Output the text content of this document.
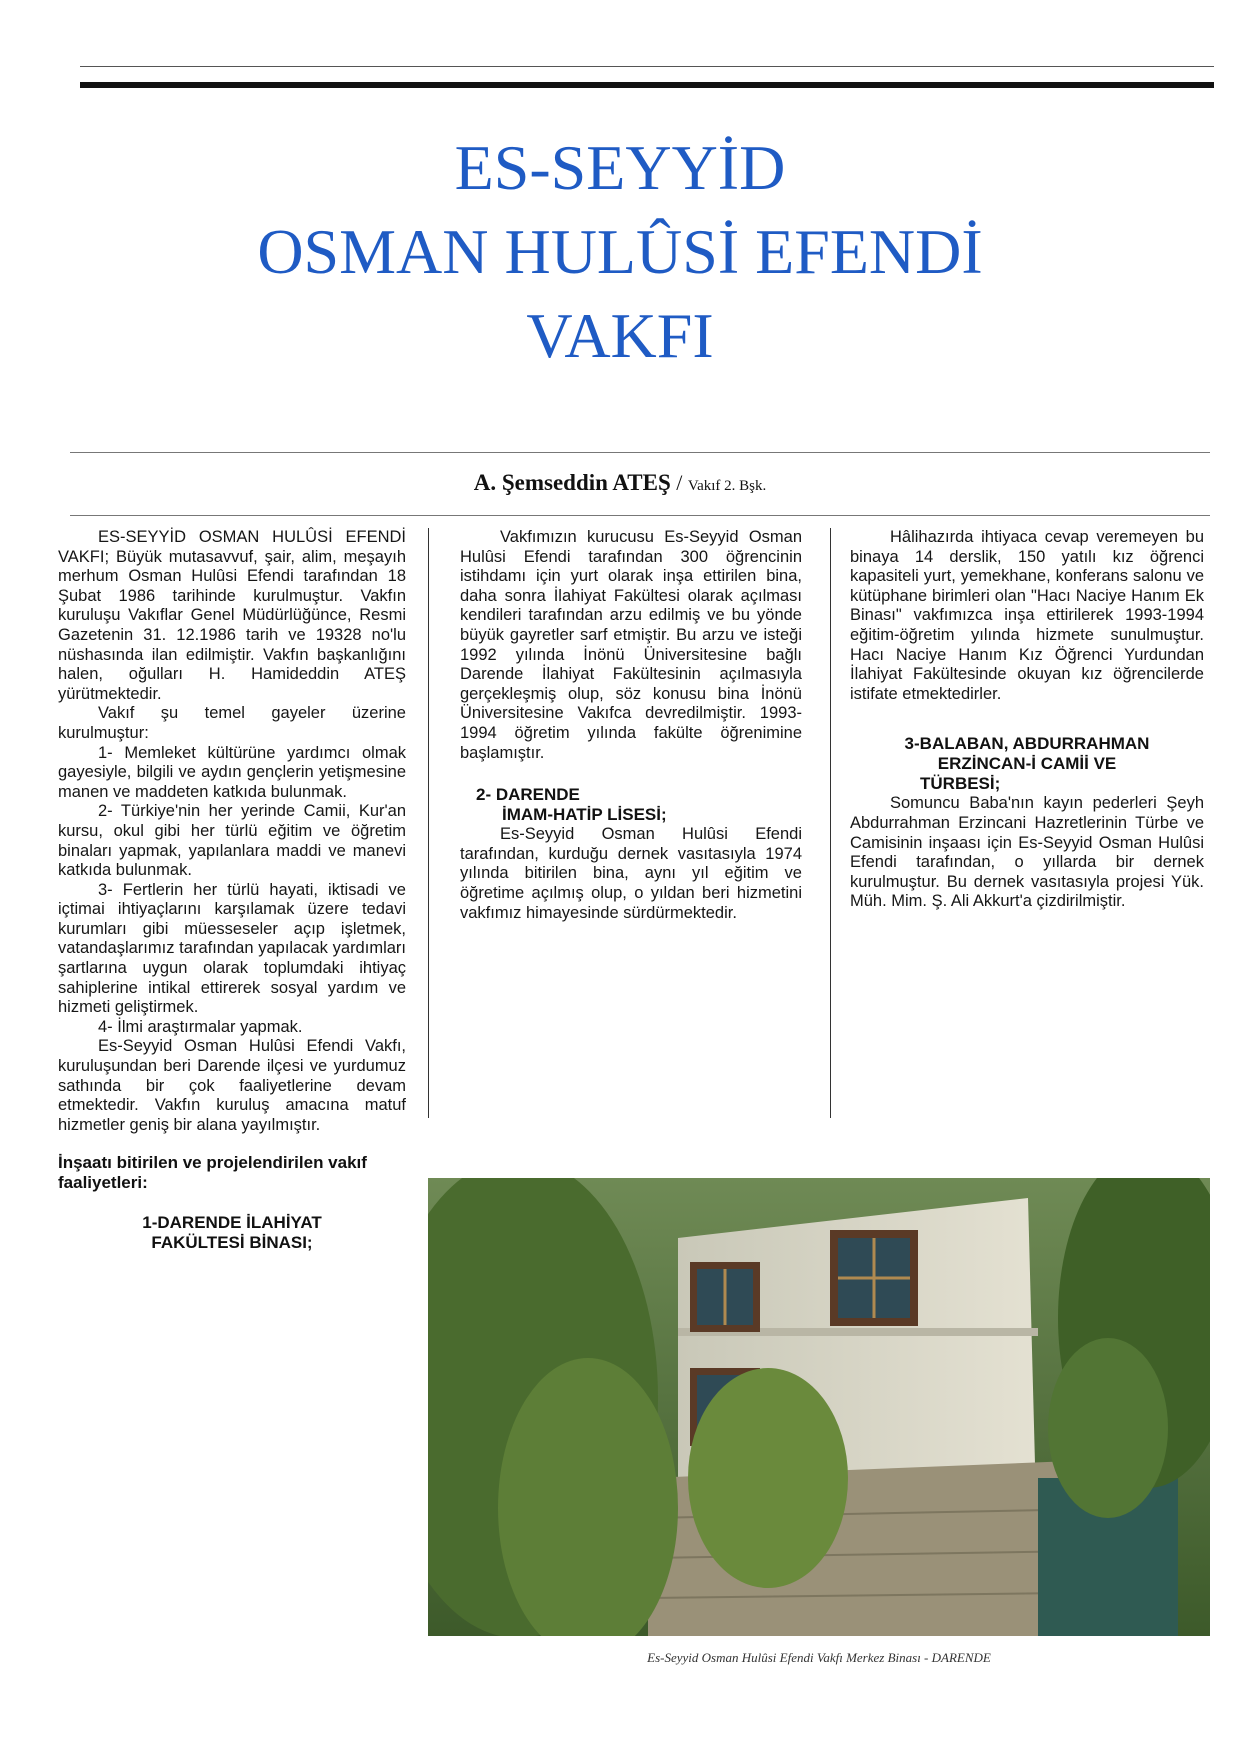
ES-SEYYİD
OSMAN HULÛSİ EFENDİ
VAKFI
A. Şemseddin ATEŞ / Vakıf 2. Bşk.

ES-SEYYİD OSMAN HULÛSİ EFENDİ VAKFI; Büyük mutasavvuf, şair, alim, meşayıh merhum Osman Hulûsi Efendi tarafından 18 Şubat 1986 tarihinde kurulmuştur. Vakfın kuruluşu Vakıflar Genel Müdürlüğünce, Resmi Gazetenin 31. 12.1986 tarih ve 19328 no'lu nüshasında ilan edilmiştir. Vakfın başkanlığını halen, oğulları H. Hamideddin ATEŞ yürütmektedir.

Vakıf şu temel gayeler üzerine kurulmuştur:

1- Memleket kültürüne yardımcı olmak gayesiyle, bilgili ve aydın gençlerin yetişmesine manen ve maddeten katkıda bulunmak.

2- Türkiye'nin her yerinde Camii, Kur'an kursu, okul gibi her türlü eğitim ve öğretim binaları yapmak, yapılanlara maddi ve manevi katkıda bulunmak.

3- Fertlerin her türlü hayati, iktisadi ve içtimai ihtiyaçlarını karşılamak üzere tedavi kurumları gibi müesseseler açıp işletmek, vatandaşlarımız tarafından yapılacak yardımları şartlarına uygun olarak toplumdaki ihtiyaç sahiplerine intikal ettirerek sosyal yardım ve hizmeti geliştirmek.

4- İlmi araştırmalar yapmak.

Es-Seyyid Osman Hulûsi Efendi Vakfı, kuruluşundan beri Darende ilçesi ve yurdumuz sathında bir çok faaliyetlerine devam etmektedir. Vakfın kuruluş amacına matuf hizmetler geniş bir alana yayılmıştır.

İnşaatı bitirilen ve projelendirilen vakıf faaliyetleri:
1-DARENDE İLAHİYAT
FAKÜLTESİ BİNASI;

Vakfımızın kurucusu Es-Seyyid Osman Hulûsi Efendi tarafından 300 öğrencinin istihdamı için yurt olarak inşa ettirilen bina, daha sonra İlahiyat Fakültesi olarak açılması kendileri tarafından arzu edilmiş ve bu yönde büyük gayretler sarf etmiştir. Bu arzu ve isteği 1992 yılında İnönü Üniversitesine bağlı Darende İlahiyat Fakültesinin açılmasıyla gerçekleşmiş olup, söz konusu bina İnönü Üniversitesine Vakıfca devredilmiştir. 1993-1994 öğretim yılında fakülte öğrenimine başlamıştır.

2- DARENDE
İMAM-HATİP LİSESİ;

Es-Seyyid Osman Hulûsi Efendi tarafından, kurduğu dernek vasıtasıyla 1974 yılında bitirilen bina, aynı yıl eğitim ve öğretime açılmış olup, o yıldan beri hizmetini vakfımız himayesinde sürdürmektedir.

Hâlihazırda ihtiyaca cevap veremeyen bu binaya 14 derslik, 150 yatılı kız öğrenci kapasiteli yurt, yemekhane, konferans salonu ve kütüphane birimleri olan "Hacı Naciye Hanım Ek Binası" vakfımızca inşa ettirilerek 1993-1994 eğitim-öğretim yılında hizmete sunulmuştur. Hacı Naciye Hanım Kız Öğrenci Yurdundan İlahiyat Fakültesinde okuyan kız öğrencilerde istifate etmektedirler.

3-BALABAN, ABDURRAHMAN
ERZİNCAN-İ CAMİİ VE
TÜRBESİ;

Somuncu Baba'nın kayın pederleri Şeyh Abdurrahman Erzincani Hazretlerinin Türbe ve Camisinin inşaası için Es-Seyyid Osman Hulûsi Efendi tarafından, o yıllarda bir dernek kurulmuştur. Bu dernek vasıtasıyla projesi Yük. Müh. Mim. Ş. Ali Akkurt'a çizdirilmiştir.

Es-Seyyid Osman Hulûsi Efendi Vakfı Merkez Binası - DARENDE
